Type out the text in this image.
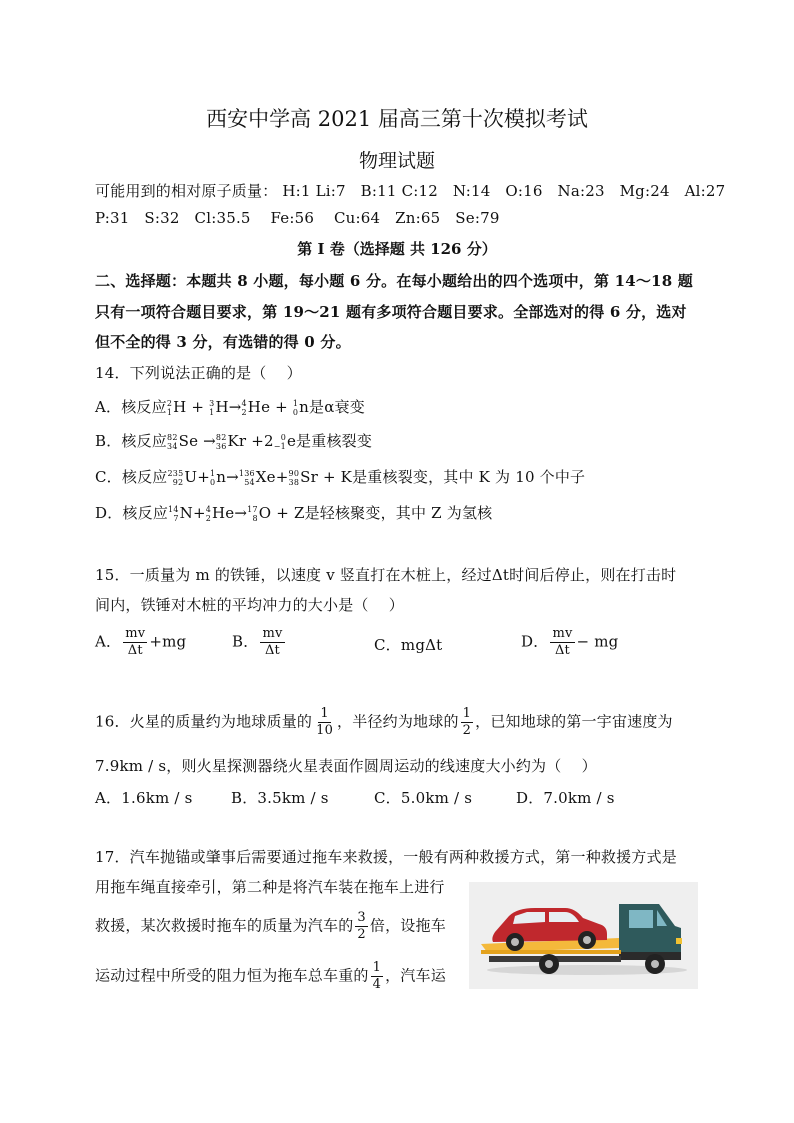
西安中学高 2021 届高三第十次模拟考试
物理试题
可能用到的相对原子质量： H:1 Li:7   B:11 C:12   N:14   O:16   Na:23   Mg:24   Al:27
P:31   S:32   Cl:35.5    Fe:56    Cu:64   Zn:65   Se:79
第 I 卷（选择题 共 126 分）
二、选择题：本题共 8 小题，每小题 6 分。在每小题给出的四个选项中，第 14～18 题
只有一项符合题目要求，第 19～21 题有多项符合题目要求。全部选对的得 6 分，选对
但不全的得 3 分，有选错的得 0 分。
14．下列说法正确的是（　 ）
A．核反应 2
1 H + 3
1 H→ 4
2 He + 1
0 n是α衰变
B．核反应 82
34 Se → 82
36 Kr +2 0
−1 e是重核裂变
C．核反应 235
92 U+ 1
0 n→ 136
54 Xe+ 90
38 Sr + K是重核裂变，其中 K 为 10 个中子
D．核反应 14
7 N+ 4
2 He→ 17
8 O + Z是轻核聚变，其中 Z 为氢核
15．一质量为 m 的铁锤，以速度 v 竖直打在木桩上，经过Δt时间后停止，则在打击时
间内，铁锤对木桩的平均冲力的大小是（　 ）
A． $\frac{mv}{\Delta t} +mg$	B． $\frac{mv}{\Delta t}$	C．mgΔt	D． $\frac{mv}{\Delta t}$ − mg
16．火星的质量约为地球质量的 $\frac{1}{10}$ ，半径约为地球的 $\frac{1}{2}$ ，已知地球的第一宇宙速度为
7.9km / s，则火星探测器绕火星表面作圆周运动的线速度大小约为（　 ）
A．1.6km / s	B．3.5km / s	C．5.0km / s	D．7.0km / s
17．汽车抛锚或肇事后需要通过拖车来救援，一般有两种救援方式，第一种救援方式是
用拖车绳直接牵引，第二种是将汽车装在拖车上进行
救援，某次救援时拖车的质量为汽车的 $\frac{3}{2}$ 倍，设拖车
运动过程中所受的阻力恒为拖车总车重的 $\frac{1}{4}$ ，汽车运
